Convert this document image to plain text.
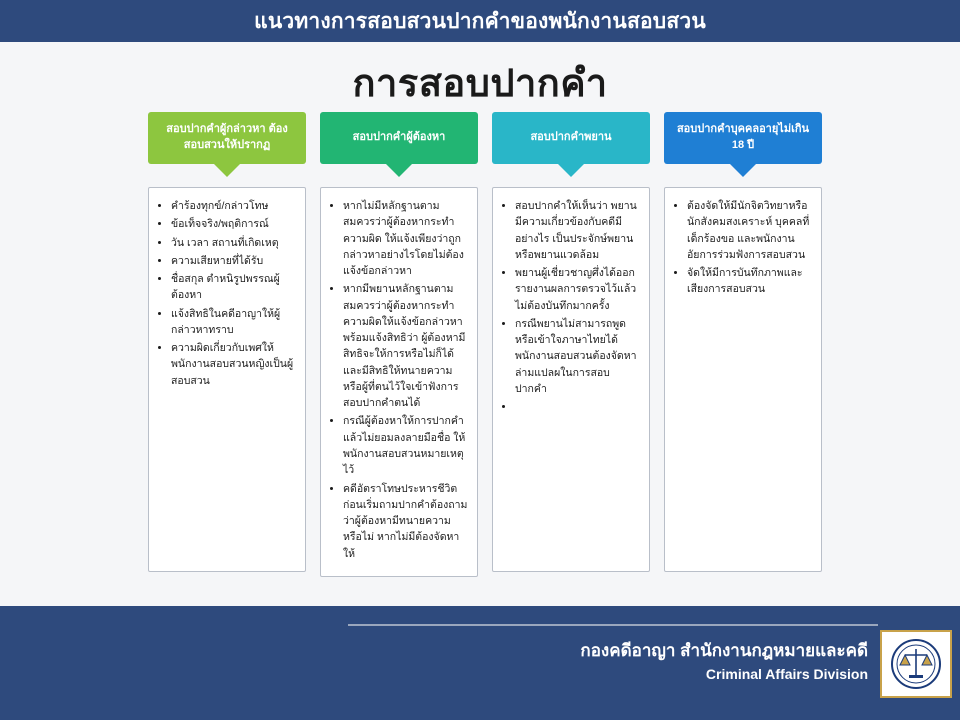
แนวทางการสอบสวนปากคำของพนักงานสอบสวน
การสอบปากคำ
สอบปากคำผู้กล่าวหา ต้องสอบสวนให้ปรากฏ
• คำร้องทุกข์/กล่าวโทษ
• ข้อเท็จจริง/พฤติการณ์
• วัน เวลา สถานที่เกิดเหตุ
• ความเสียหายที่ได้รับ
• ชื่อสกุล ตำหนิรูปพรรณผู้ต้องหา
• แจ้งสิทธิในคดีอาญาให้ผู้กล่าวหาทราบ
• ความผิดเกี่ยวกับเพศให้พนักงานสอบสวนหญิงเป็นผู้สอบสวน
สอบปากคำผู้ต้องหา
• หากไม่มีหลักฐานตามสมควรว่าผู้ต้องหากระทำความผิด ให้แจ้งเพียงว่าถูกกล่าวหาอย่างไรโดยไม่ต้องแจ้งข้อกล่าวหา
• หากมีพยานหลักฐานตามสมควรว่าผู้ต้องหากระทำความผิดให้แจ้งข้อกล่าวหา พร้อมแจ้งสิทธิว่า ผู้ต้องหามีสิทธิจะให้การหรือไม่ก็ได้ และมีสิทธิให้ทนายความ หรือผู้ที่ตนไว้ใจเข้าฟังการสอบปากคำตนได้
• กรณีผู้ต้องหาให้การปากคำแล้วไม่ยอมลงลายมือชื่อ ให้พนักงานสอบสวนหมายเหตุไว้
• คดีอัตราโทษประหารชีวิตก่อนเริ่มถามปากคำต้องถามว่าผู้ต้องหามีทนายความหรือไม่ หากไม่มีต้องจัดหาให้
สอบปากคำพยาน
• สอบปากคำให้เห็นว่า พยานมีความเกี่ยวข้องกับคดีมีอย่างไร เป็นประจักษ์พยานหรือพยานแวดล้อม
• พยานผู้เชี่ยวชาญศึ่งได้ออกรายงานผลการตรวจไว้แล้วไม่ต้องบันทึกมากครั้ง
• กรณีพยานไม่สามารถพูดหรือเข้าใจภาษาไทยได้ พนักงานสอบสวนต้องจัดหาล่ามแปลผในการสอบปากคำ
•
สอบปากคำบุคคลอายุไม่เกิน 18 ปี
• ต้องจัดให้มีนักจิตวิทยาหรือนักสังคมสงเคราะห์ บุคคลที่เด็กร้องขอ และพนักงานอัยการร่วมฟังการสอบสวน
• จัดให้มีการบันทึกภาพและเสียงการสอบสวน
กองคดีอาญา สำนักงานกฎหมายและคดี
Criminal Affairs Division
